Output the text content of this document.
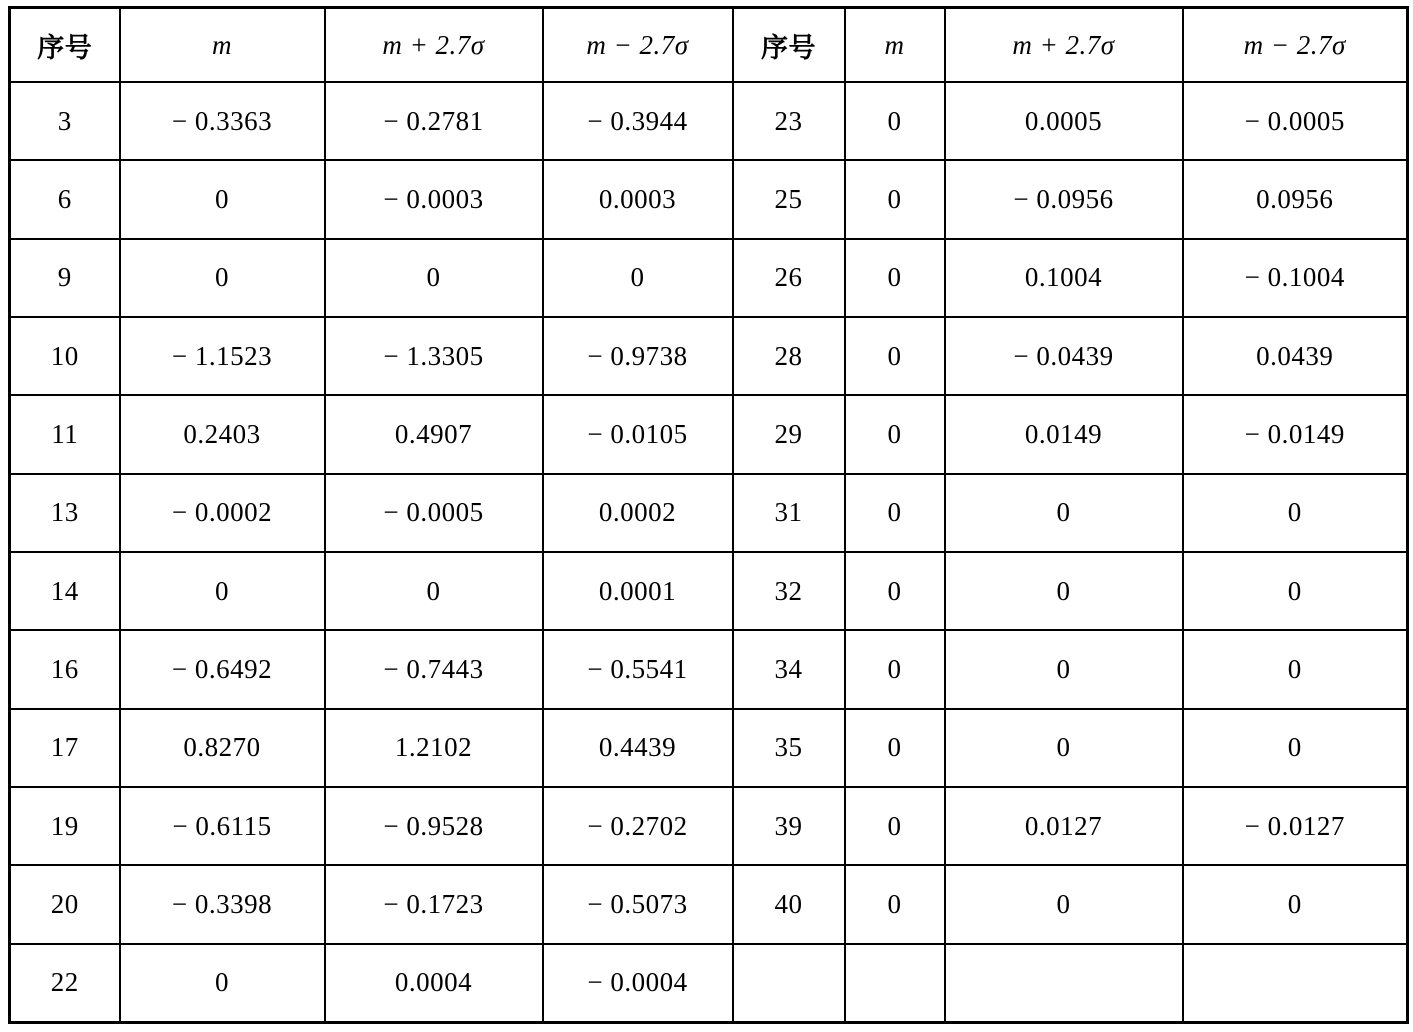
序号	m	m + 2.7σ	m − 2.7σ	序号	m	m + 2.7σ	m − 2.7σ
3	− 0.3363	− 0.2781	− 0.3944	23	0	0.0005	− 0.0005
6	0	− 0.0003	0.0003	25	0	− 0.0956	0.0956
9	0	0	0	26	0	0.1004	− 0.1004
10	− 1.1523	− 1.3305	− 0.9738	28	0	− 0.0439	0.0439
11	0.2403	0.4907	− 0.0105	29	0	0.0149	− 0.0149
13	− 0.0002	− 0.0005	0.0002	31	0	0	0
14	0	0	0.0001	32	0	0	0
16	− 0.6492	− 0.7443	− 0.5541	34	0	0	0
17	0.8270	1.2102	0.4439	35	0	0	0
19	− 0.6115	− 0.9528	− 0.2702	39	0	0.0127	− 0.0127
20	− 0.3398	− 0.1723	− 0.5073	40	0	0	0
22	0	0.0004	− 0.0004				
